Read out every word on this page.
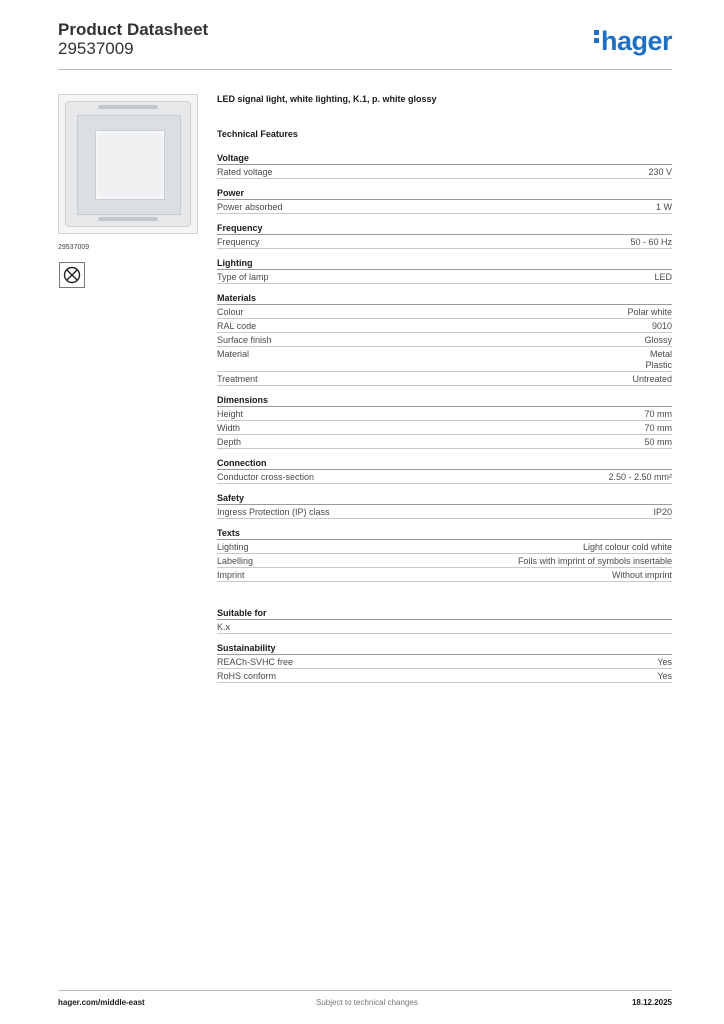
Product Datasheet
29537009	hager
29537009
LED signal light, white lighting, K.1, p. white glossy
Technical Features
Voltage
Rated voltage	230 V
Power
Power absorbed	1 W
Frequency
Frequency	50 - 60 Hz
Lighting
Type of lamp	LED
Materials
Colour	Polar white
RAL code	9010
Surface finish	Glossy
Material	Metal
Plastic
Treatment	Untreated
Dimensions
Height	70 mm
Width	70 mm
Depth	50 mm
Connection
Conductor cross-section	2.50 - 2.50 mm²
Safety
Ingress Protection (IP) class	IP20
Texts
Lighting	Light colour cold white
Labelling	Foils with imprint of symbols insertable
Imprint	Without imprint
Suitable for
K.x
Sustainability
REACh-SVHC free	Yes
RoHS conform	Yes
hager.com/middle-east	Subject to technical changes	18.12.2025
